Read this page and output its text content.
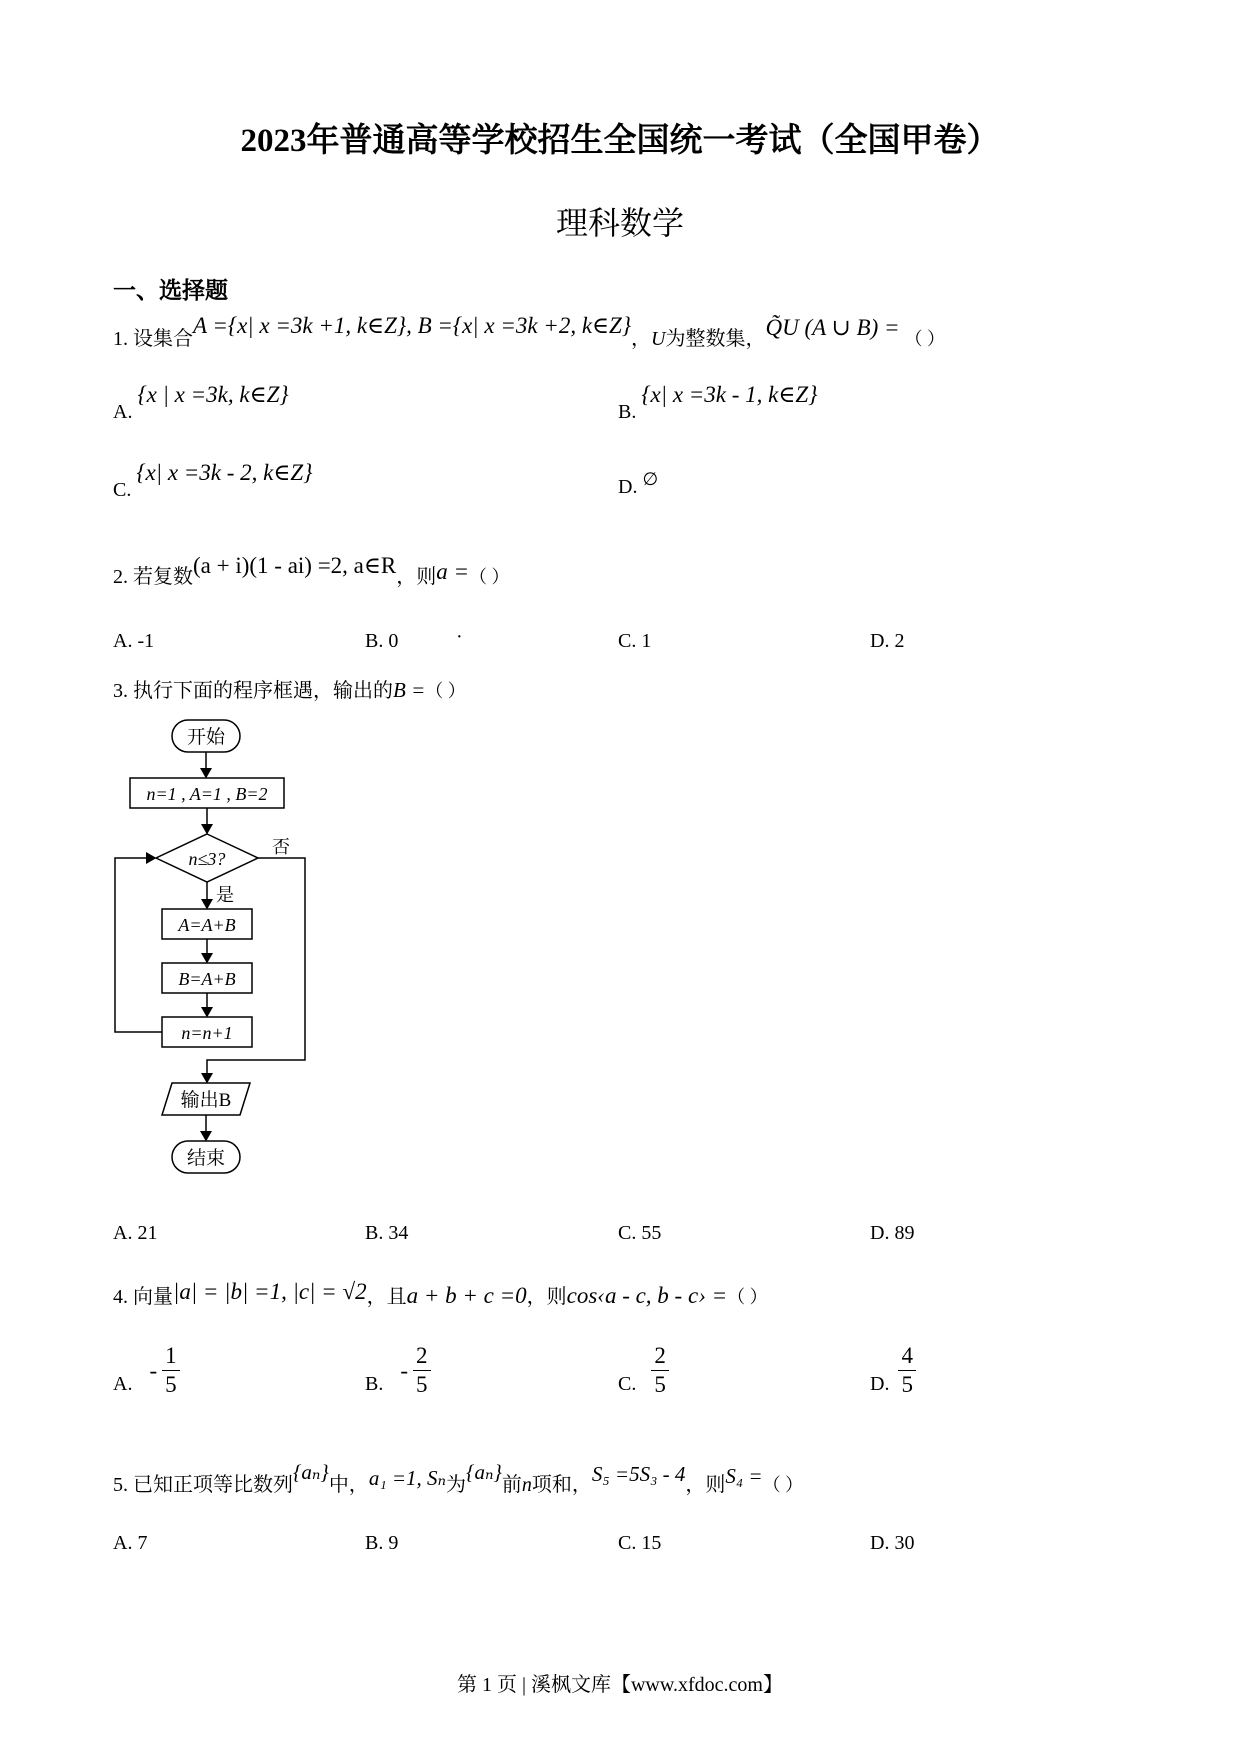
2023年普通高等学校招生全国统一考试（全国甲卷）
理科数学
一、选择题
1. 设集合A ={x| x =3k +1, k∈Z}, B ={x| x =3k +2, k∈Z}，U为整数集，Q̃U (A ∪ B) = （ ）
A. {x | x =3k, k∈Z}
B. {x| x =3k - 1, k∈Z}
C. {x| x =3k - 2, k∈Z}
D. ∅
2. 若复数(a + i)(1 - ai) =2, a∈R，则a =（ ）
A. -1	B. 0	·	C. 1	D. 2
3. 执行下面的程序框遇，输出的B =（ ）
开始
n=1 , A=1 , B=2
n≤3?
否
是
A=A+B
B=A+B
n=n+1
输出B
结束
A. 21	B. 34	C. 55	D. 89
4. 向量|a| = |b| =1, |c| = √2，且a + b + c =0，则cos‹a - c, b - c› =（ ）
A. - $\frac{1}{5}$	B. - $\frac{2}{5}$	C. $\frac{2}{5}$	D. $\frac{4}{5}$
5. 已知正项等比数列{aₙ}中，a₁ =1, Sₙ为{aₙ}前n项和，S₅ =5S₃ - 4，则S₄ =（ ）
A. 7	B. 9	C. 15	D. 30
第 1 页 | 溪枫文库【www.xfdoc.com】
